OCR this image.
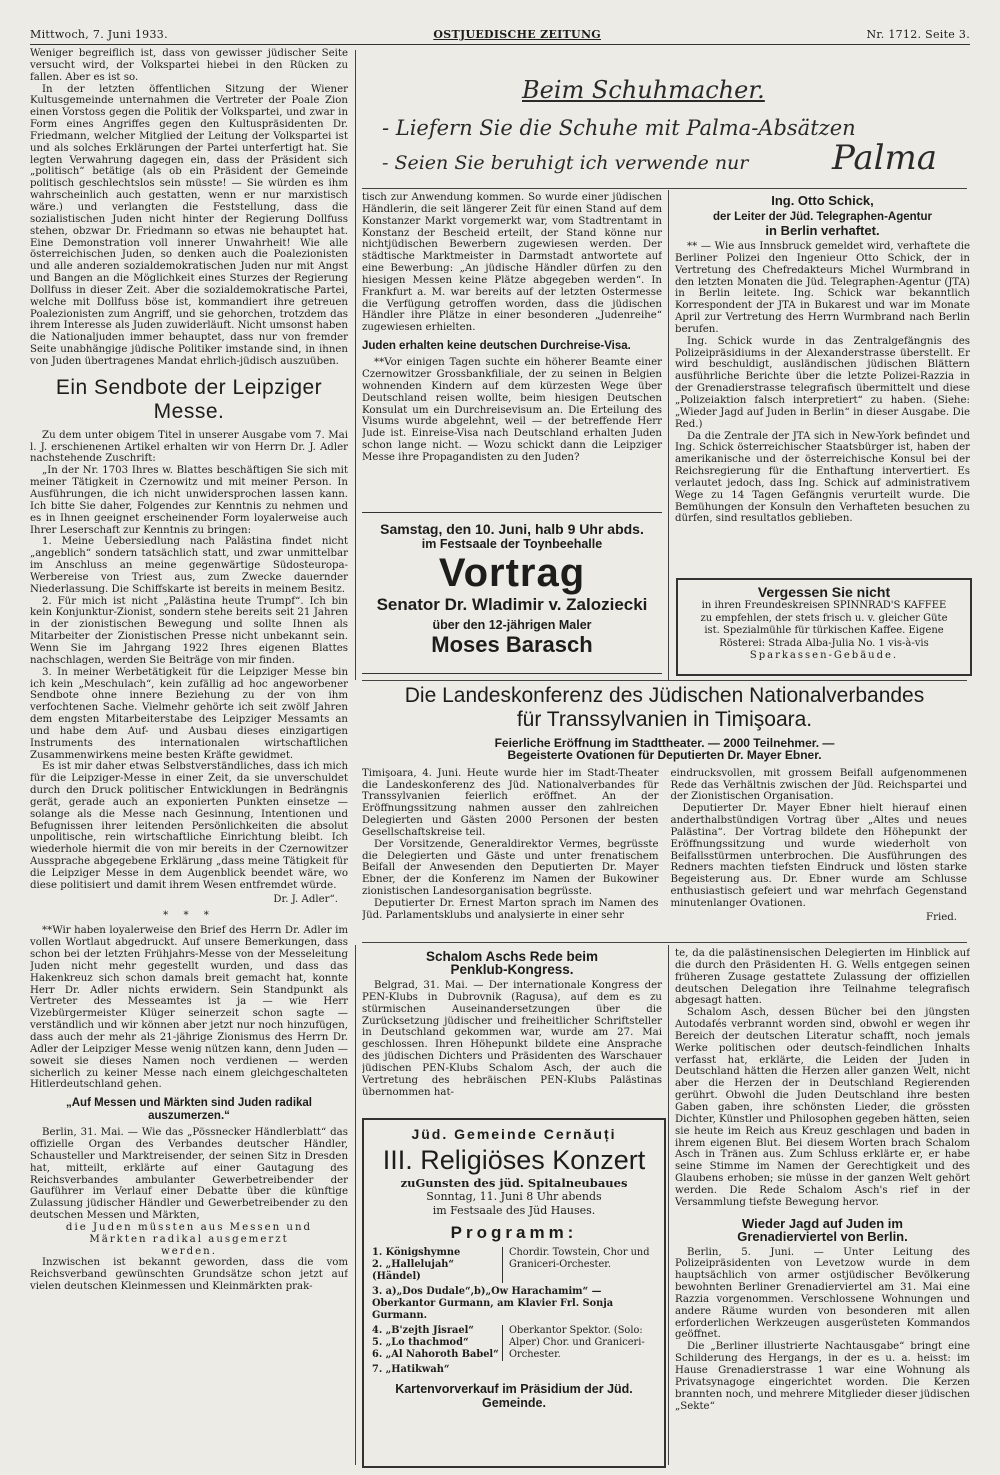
Mittwoch, 7. Juni 1933.	OSTJUEDISCHE ZEITUNG	Nr. 1712. Seite 3.

Weniger begreiflich ist, dass von gewisser jüdischer Seite versucht wird, der Volkspartei hiebei in den Rücken zu fallen. Aber es ist so.

In der letzten öffentlichen Sitzung der Wiener Kultusgemeinde unternahmen die Vertreter der Poale Zion einen Vorstoss gegen die Politik der Volkspartei, und zwar in Form eines Angriffes gegen den Kultuspräsidenten Dr. Friedmann, welcher Mitglied der Leitung der Volkspartei ist und als solches Erklärungen der Partei unterfertigt hat. Sie legten Verwahrung dagegen ein, dass der Präsident sich „politisch“ betätige (als ob ein Präsident der Gemeinde politisch geschlechtslos sein müsste! — Sie würden es ihm wahrscheinlich auch gestatten, wenn er nur marxistisch wäre.) und verlangten die Feststellung, dass die sozialistischen Juden nicht hinter der Regierung Dollfuss stehen, obzwar Dr. Friedmann so etwas nie behauptet hat. Eine Demonstration voll innerer Unwahrheit! Wie alle österreichischen Juden, so denken auch die Poalezionisten und alle anderen sozialdemokratischen Juden nur mit Angst und Bangen an die Möglichkeit eines Sturzes der Regierung Dollfuss in dieser Zeit. Aber die sozialdemokratische Partei, welche mit Dollfuss böse ist, kommandiert ihre getreuen Poalezionisten zum Angriff, und sie gehorchen, trotzdem das ihrem Interesse als Juden zuwiderläuft. Nicht umsonst haben die Nationaljuden immer behauptet, dass nur von fremder Seite unabhängige jüdische Politiker imstande sind, in ihnen von Juden übertragenes Mandat ehrlich-jüdisch auszuüben.

Ein Sendbote der Leipziger Messe.

Zu dem unter obigem Titel in unserer Ausgabe vom 7. Mai l. J. erschienenen Artikel erhalten wir von Herrn Dr. J. Adler nachstehende Zuschrift:

„In der Nr. 1703 Ihres w. Blattes beschäftigen Sie sich mit meiner Tätigkeit in Czernowitz und mit meiner Person. In Ausführungen, die ich nicht unwidersprochen lassen kann. Ich bitte Sie daher, Folgendes zur Kenntnis zu nehmen und es in Ihnen geeignet erscheinender Form loyalerweise auch Ihrer Leserschaft zur Kenntnis zu bringen:

1. Meine Uebersiedlung nach Palästina findet nicht „angeblich“ sondern tatsächlich statt, und zwar unmittelbar im Anschluss an meine gegenwärtige Südosteuropa-Werbereise von Triest aus, zum Zwecke dauernder Niederlassung. Die Schiffskarte ist bereits in meinem Besitz.

2. Für mich ist nicht „Palästina heute Trumpf“. Ich bin kein Konjunktur-Zionist, sondern stehe bereits seit 21 Jahren in der zionistischen Bewegung und sollte Ihnen als Mitarbeiter der Zionistischen Presse nicht unbekannt sein. Wenn Sie im Jahrgang 1922 Ihres eigenen Blattes nachschlagen, werden Sie Beiträge von mir finden.

3. In meiner Werbetätigkeit für die Leipziger Messe bin ich kein „Meschulach“, kein zufällig ad hoc angeworbener Sendbote ohne innere Beziehung zu der von ihm verfochtenen Sache. Vielmehr gehörte ich seit zwölf Jahren dem engsten Mitarbeiterstabe des Leipziger Messamts an und habe dem Auf- und Ausbau dieses einzigartigen Instruments des internationalen wirtschaftlichen Zusammenwirkens meine besten Kräfte gewidmet.

Es ist mir daher etwas Selbstverständliches, dass ich mich für die Leipziger-Messe in einer Zeit, da sie unverschuldet durch den Druck politischer Entwicklungen in Bedrängnis gerät, gerade auch an exponierten Punkten einsetze — solange als die Messe nach Gesinnung, Intentionen und Befugnissen ihrer leitenden Persönlichkeiten die absolut unpolitische, rein wirtschaftliche Einrichtung bleibt. Ich wiederhole hiermit die von mir bereits in der Czernowitzer Aussprache abgegebene Erklärung „dass meine Tätigkeit für die Leipziger Messe in dem Augenblick beendet wäre, wo diese politisiert und damit ihrem Wesen entfremdet würde.

Dr. J. Adler“.
* * *

**Wir haben loyalerweise den Brief des Herrn Dr. Adler im vollen Wortlaut abgedruckt. Auf unsere Bemerkungen, dass schon bei der letzten Frühjahrs-Messe von der Messeleitung Juden nicht mehr gegestellt wurden, und dass das Hakenkreuz sich schon damals breit gemacht hat, konnte Herr Dr. Adler nichts erwidern. Sein Standpunkt als Vertreter des Messeamtes ist ja — wie Herr Vizebürgermeister Klüger seinerzeit schon sagte — verständlich und wir können aber jetzt nur noch hinzufügen, dass auch der mehr als 21-jährige Zionismus des Herrn Dr. Adler der Leipziger Messe wenig nützen kann, denn Juden — soweit sie dieses Namen noch verdienen — werden sicherlich zu keiner Messe nach einem gleichgeschalteten Hitlerdeutschland gehen.

„Auf Messen und Märkten sind Juden radikal auszumerzen.“

Berlin, 31. Mai. — Wie das „Pössnecker Händlerblatt“ das offizielle Organ des Verbandes deutscher Händler, Schausteller und Marktreisender, der seinen Sitz in Dresden hat, mitteilt, erklärte auf einer Gautagung des Reichsverbandes ambulanter Gewerbetreibender der Gauführer im Verlauf einer Debatte über die künftige Zulassung jüdischer Händler und Gewerbetreibender zu den deutschen Messen und Märkten,

die Juden müssten aus Messen und
Märkten radikal ausgemerzt
werden.

Inzwischen ist bekannt geworden, dass die vom Reichsverband gewünschten Grundsätze schon jetzt auf vielen deutschen Kleinmessen und Kleinmärkten prak-

Beim Schuhmacher.
- Liefern Sie die Schuhe mit Palma-Absätzen
- Seien Sie beruhigt ich verwende nur Palma

tisch zur Anwendung kommen. So wurde einer jüdischen Händlerin, die seit längerer Zeit für einen Stand auf dem Konstanzer Markt vorgemerkt war, vom Stadtrentamt in Konstanz der Bescheid erteilt, der Stand könne nur nichtjüdischen Bewerbern zugewiesen werden. Der städtische Marktmeister in Darmstadt antwortete auf eine Bewerbung: „An jüdische Händler dürfen zu den hiesigen Messen keine Plätze abgegeben werden“. In Frankfurt a. M. war bereits auf der letzten Ostermesse die Verfügung getroffen worden, dass die jüdischen Händler ihre Plätze in einer besonderen „Judenreihe“ zugewiesen erhielten.

Juden erhalten keine deutschen Durchreise-Visa.

**Vor einigen Tagen suchte ein höherer Beamte einer Czernowitzer Grossbankfiliale, der zu seinen in Belgien wohnenden Kindern auf dem kürzesten Wege über Deutschland reisen wollte, beim hiesigen Deutschen Konsulat um ein Durchreisevisum an. Die Erteilung des Visums wurde abgelehnt, weil — der betreffende Herr Jude ist. Einreise-Visa nach Deutschland erhalten Juden schon lange nicht. — Wozu schickt dann die Leipziger Messe ihre Propagandisten zu den Juden?

Samstag, den 10. Juni, halb 9 Uhr abds.
im Festsaale der Toynbeehalle
Vortrag
Senator Dr. Wladimir v. Zaloziecki
über den 12-jährigen Maler
Moses Barasch
Ing. Otto Schick,
der Leiter der Jüd. Telegraphen-Agentur
in Berlin verhaftet.

** — Wie aus Innsbruck gemeldet wird, verhaftete die Berliner Polizei den Ingenieur Otto Schick, der in Vertretung des Chefredakteurs Michel Wurmbrand in den letzten Monaten die Jüd. Telegraphen-Agentur (JTA) in Berlin leitete. Ing. Schick war bekanntlich Korrespondent der JTA in Bukarest und war im Monate April zur Vertretung des Herrn Wurmbrand nach Berlin berufen.

Ing. Schick wurde in das Zentralgefängnis des Polizeipräsidiums in der Alexanderstrasse überstellt. Er wird beschuldigt, ausländischen jüdischen Blättern ausführliche Berichte über die letzte Polizei-Razzia in der Grenadierstrasse telegrafisch übermittelt und diese „Polizeiaktion falsch interpretiert“ zu haben. (Siehe: „Wieder Jagd auf Juden in Berlin“ in dieser Ausgabe. Die Red.)

Da die Zentrale der JTA sich in New-York befindet und Ing. Schick österreichischer Staatsbürger ist, haben der amerikanische und der österreichische Konsul bei der Reichsregierung für die Enthaftung intervertiert. Es verlautet jedoch, dass Ing. Schick auf administrativem Wege zu 14 Tagen Gefängnis verurteilt wurde. Die Bemühungen der Konsuln den Verhafteten besuchen zu dürfen, sind resultatlos geblieben.

Vergessen Sie nicht
in ihren Freundeskreisen SPINNRAD'S KAFFEE
zu empfehlen, der stets frisch u. v. gleicher Güte
ist. Spezialmühle für türkischen Kaffee. Eigene
Rösterei: Strada Alba-Julia No. 1 vis-à-vis
Sparkassen-Gebäude.
Die Landeskonferenz des Jüdischen Nationalverbandes
für Transsylvanien in Timişoara.
Feierliche Eröffnung im Stadttheater. — 2000 Teilnehmer. —
Begeisterte Ovationen für Deputierten Dr. Mayer Ebner.

Timişoara, 4. Juni. Heute wurde hier im Stadt-Theater die Landeskonferenz des Jüd. Nationalverbandes für Transsylvanien feierlich eröffnet. An der Eröffnungssitzung nahmen ausser den zahlreichen Delegierten und Gästen 2000 Personen der besten Gesellschaftskreise teil.

Der Vorsitzende, Generaldirektor Vermes, begrüsste die Delegierten und Gäste und unter frenatischem Beifall der Anwesenden den Deputierten Dr. Mayer Ebner, der die Konferenz im Namen der Bukowiner zionistischen Landesorganisation begrüsste.

Deputierter Dr. Ernest Marton sprach im Namen des Jüd. Parlamentsklubs und analysierte in einer sehr

eindrucksvollen, mit grossem Beifall aufgenommenen Rede das Verhältnis zwischen der Jüd. Reichspartei und der Zionistischen Organisation.

Deputierter Dr. Mayer Ebner hielt hierauf einen anderthalbstündigen Vortrag über „Altes und neues Palästina“. Der Vortrag bildete den Höhepunkt der Eröffnungssitzung und wurde wiederholt von Beifallsstürmen unterbrochen. Die Ausführungen des Redners machten tiefsten Eindruck und lösten starke Begeisterung aus. Dr. Ebner wurde am Schlusse enthusiastisch gefeiert und war mehrfach Gegenstand minutenlanger Ovationen.

Fried.
Schalom Aschs Rede beim
Penklub-Kongress.

Belgrad, 31. Mai. — Der internationale Kongress der PEN-Klubs in Dubrovnik (Ragusa), auf dem es zu stürmischen Auseinandersetzungen über die Zurücksetzung jüdischer und freiheitlicher Schriftsteller in Deutschland gekommen war, wurde am 27. Mai geschlossen. Ihren Höhepunkt bildete eine Ansprache des jüdischen Dichters und Präsidenten des Warschauer jüdischen PEN-Klubs Schalom Asch, der auch die Vertretung des hebräischen PEN-Klubs Palästinas übernommen hat-

Jüd. Gemeinde Cernăuți
III. Religiöses Konzert
zuGunsten des jüd. Spitalneubaues
Sonntag, 11. Juni 8 Uhr abends
im Festsaale des Jüd Hauses.
Programm:
1. Königshymne
2. „Hallelujah“ (Händel)
Chordir. Towstein, Chor und Graniceri-Orchester.
3. a)„Dos Dudale“,b)„Ow Harachamim“ — Oberkantor Gurmann, am Klavier Frl. Sonja Gurmann.
4. „B'zejth Jisrael“
5. „Lo thachmod“
6. „Al Nahoroth Babel“
Oberkantor Spektor. (Solo: Alper) Chor. und Graniceri-Orchester.
7. „Hatikwah“
Kartenvorverkauf im Präsidium der Jüd.
Gemeinde.

te, da die palästinensischen Delegierten im Hinblick auf die durch den Präsidenten H. G. Wells entgegen seinen früheren Zusage gestattete Zulassung der offiziellen deutschen Delegation ihre Teilnahme telegrafisch abgesagt hatten.

Schalom Asch, dessen Bücher bei den jüngsten Autodafés verbrannt worden sind, obwohl er wegen ihr Bereich der deutschen Literatur schafft, noch jemals Werke politischen oder deutsch-feindlichen Inhalts verfasst hat, erklärte, die Leiden der Juden in Deutschland hätten die Herzen aller ganzen Welt, nicht aber die Herzen der in Deutschland Regierenden gerührt. Obwohl die Juden Deutschland ihre besten Gaben gaben, ihre schönsten Lieder, die grössten Dichter, Künstler und Philosophen gegeben hätten, seien sie heute im Reich aus Kreuz geschlagen und baden in ihrem eigenen Blut. Bei diesem Worten brach Schalom Asch in Tränen aus. Zum Schluss erklärte er, er habe seine Stimme im Namen der Gerechtigkeit und des Glaubens erhoben; sie müsse in der ganzen Welt gehört werden. Die Rede Schalom Asch's rief in der Versammlung tiefste Bewegung hervor.

Wieder Jagd auf Juden im
Grenadierviertel von Berlin.

Berlin, 5. Juni. — Unter Leitung des Polizeipräsidenten von Levetzow wurde in dem hauptsächlich von armer ostjüdischer Bevölkerung bewohnten Berliner Grenadierviertel am 31. Mai eine Razzia vorgenommen. Verschlossene Wohnungen und andere Räume wurden von besonderen mit allen erforderlichen Werkzeugen ausgerüsteten Kommandos geöffnet.

Die „Berliner illustrierte Nachtausgabe“ bringt eine Schilderung des Hergangs, in der es u. a. heisst: im Hause Grenadierstrasse 1 war eine Wohnung als Privatsynagoge eingerichtet worden. Die Kerzen brannten noch, und mehrere Mitglieder dieser jüdischen „Sekte“
